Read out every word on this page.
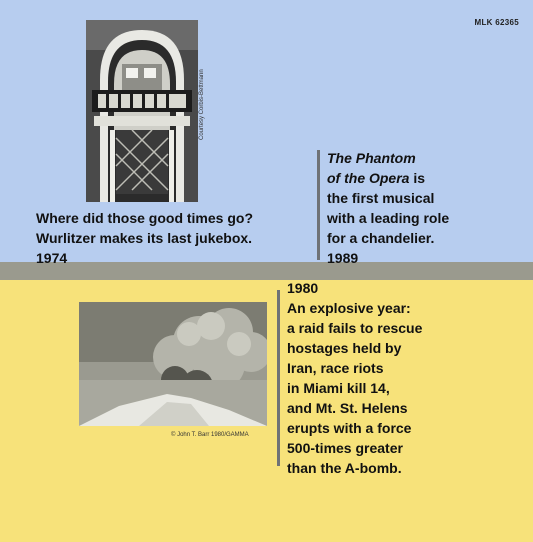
MLK 62365
Courtesy Corbis-Bettmann
Where did those good times go?
Wurlitzer makes its last jukebox.
1974
The Phantom
of the Opera is
the first musical
with a leading role
for a chandelier.
1989
© John T. Barr 1980/GAMMA
1980
An explosive year:
a raid fails to rescue
hostages held by
Iran, race riots
in Miami kill 14,
and Mt. St. Helens
erupts with a force
500-times greater
than the A-bomb.
